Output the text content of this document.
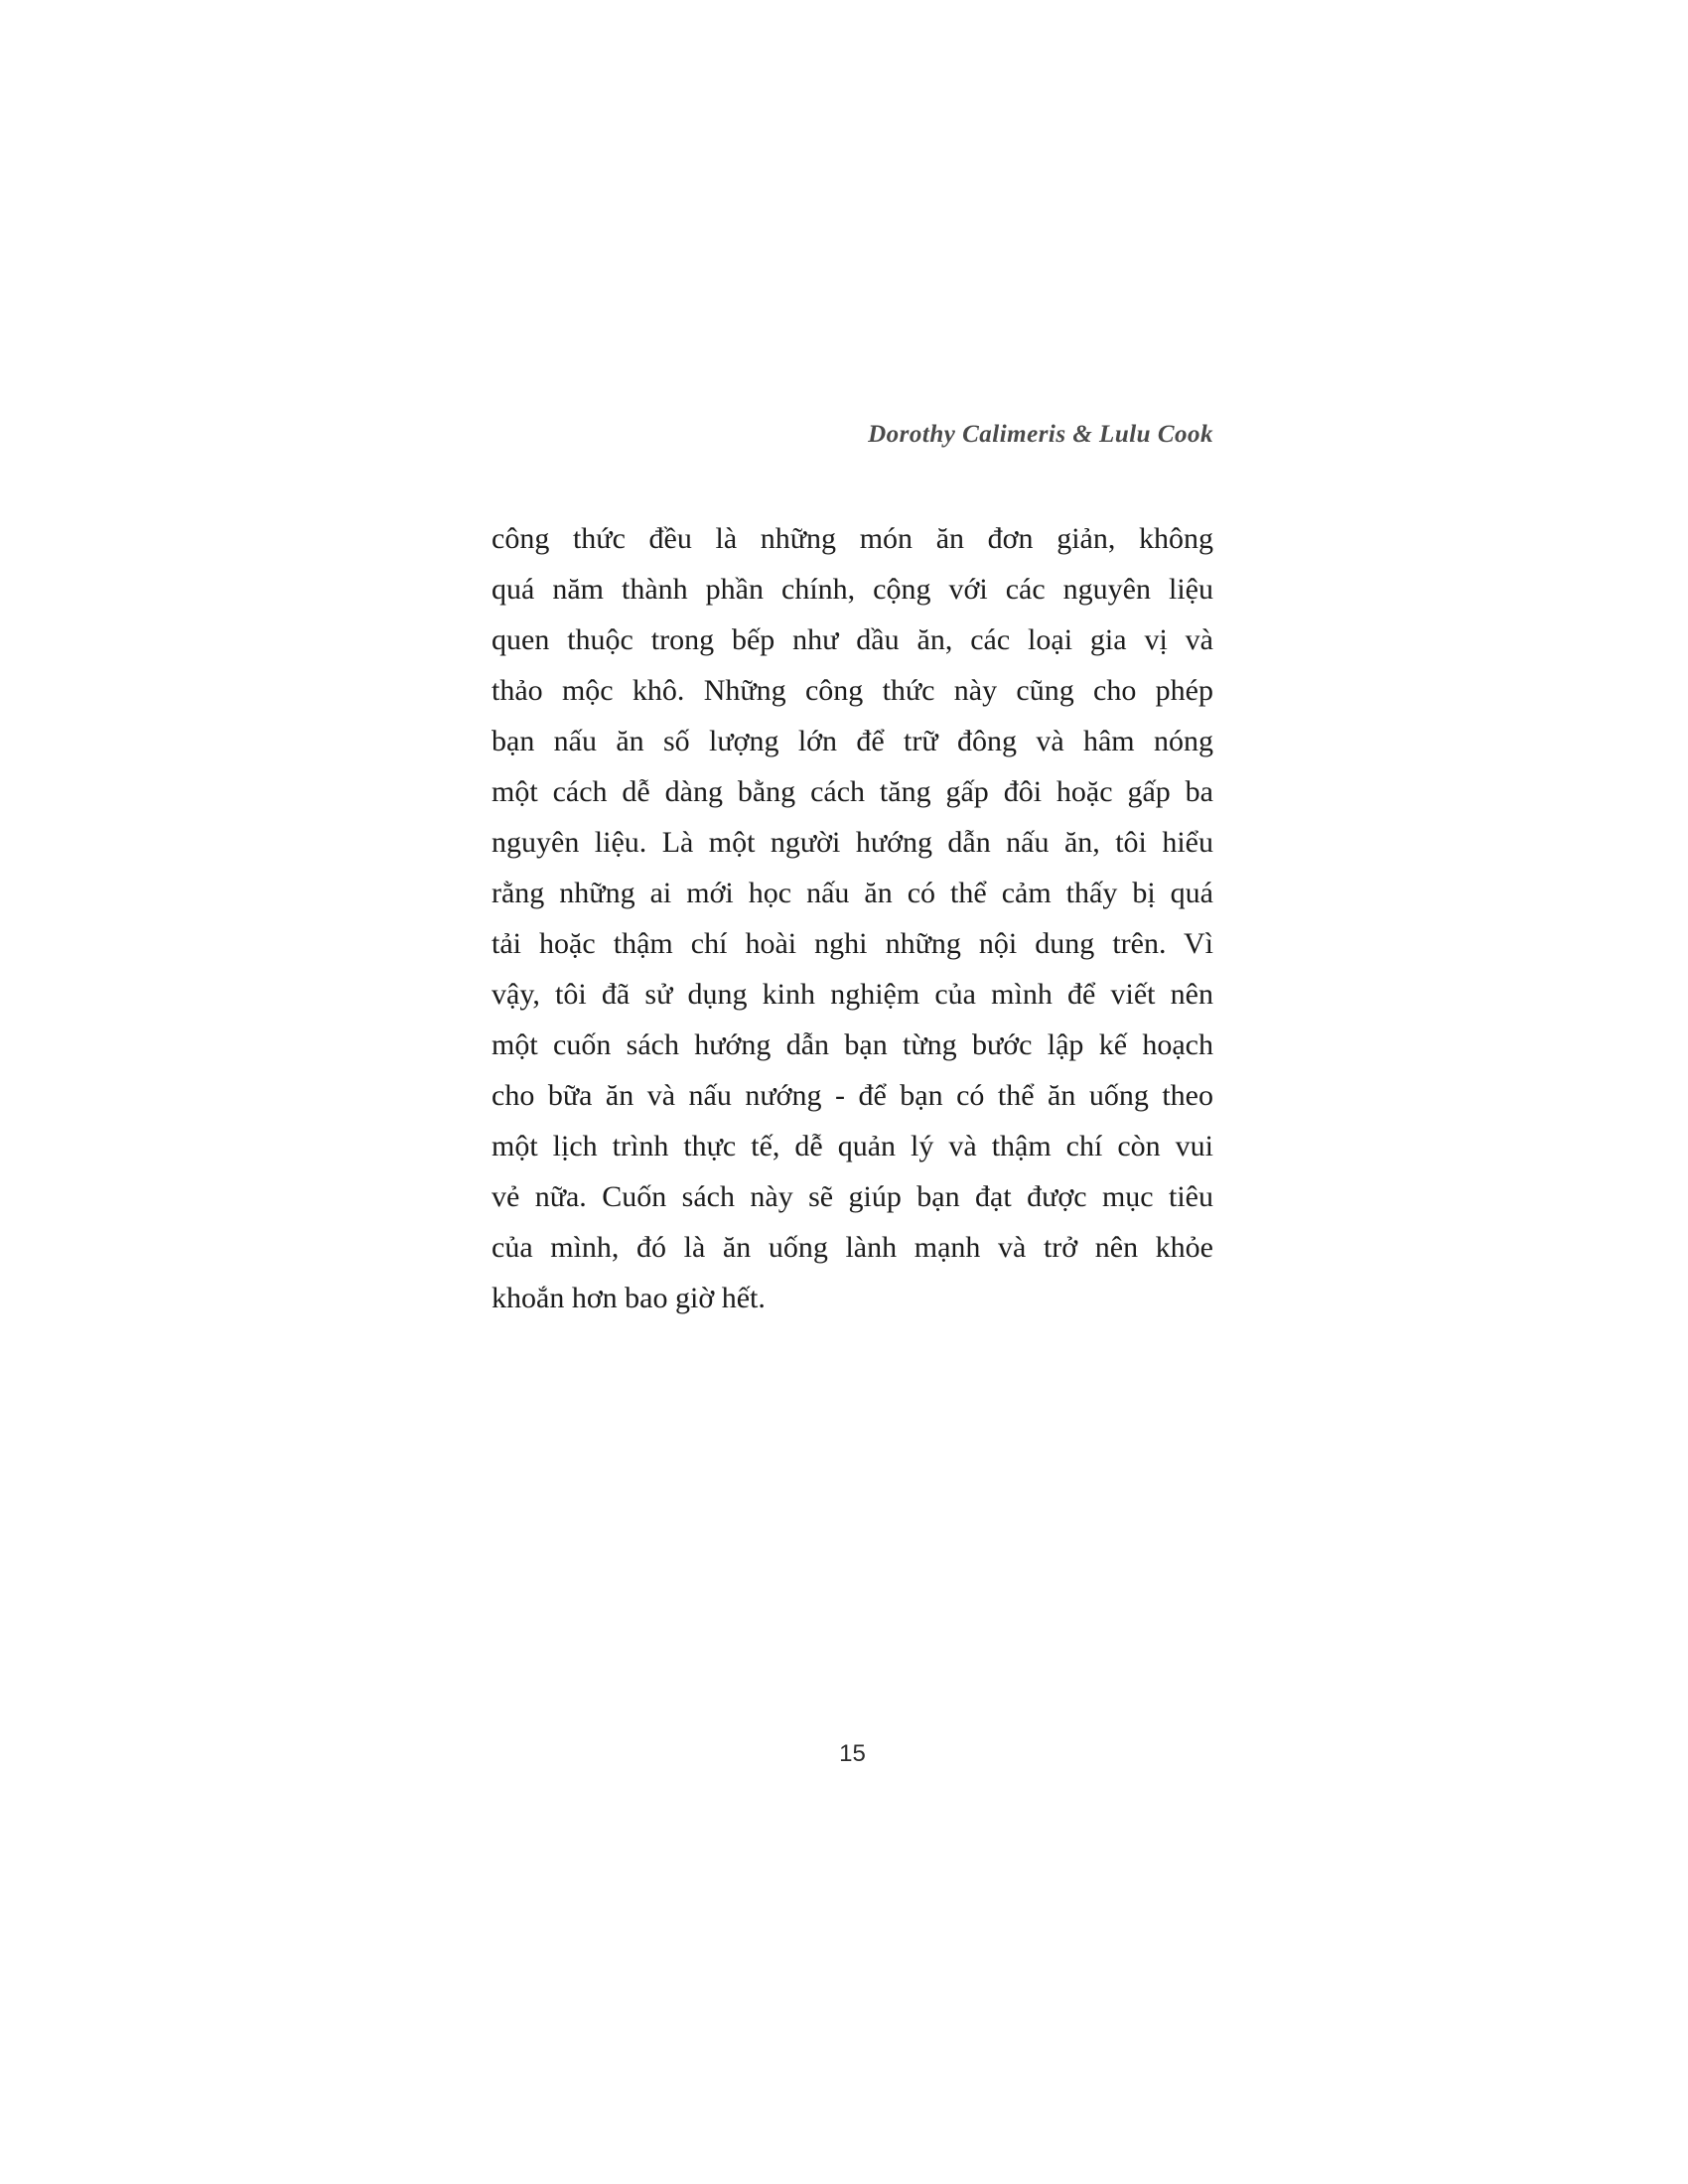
Dorothy Calimeris & Lulu Cook
công thức đều là những món ăn đơn giản, không
quá năm thành phần chính, cộng với các nguyên liệu
quen thuộc trong bếp như dầu ăn, các loại gia vị và
thảo mộc khô. Những công thức này cũng cho phép
bạn nấu ăn số lượng lớn để trữ đông và hâm nóng
một cách dễ dàng bằng cách tăng gấp đôi hoặc gấp ba
nguyên liệu. Là một người hướng dẫn nấu ăn, tôi hiểu
rằng những ai mới học nấu ăn có thể cảm thấy bị quá
tải hoặc thậm chí hoài nghi những nội dung trên. Vì
vậy, tôi đã sử dụng kinh nghiệm của mình để viết nên
một cuốn sách hướng dẫn bạn từng bước lập kế hoạch
cho bữa ăn và nấu nướng - để bạn có thể ăn uống theo
một lịch trình thực tế, dễ quản lý và thậm chí còn vui
vẻ nữa. Cuốn sách này sẽ giúp bạn đạt được mục tiêu
của mình, đó là ăn uống lành mạnh và trở nên khỏe
khoắn hơn bao giờ hết.
15
